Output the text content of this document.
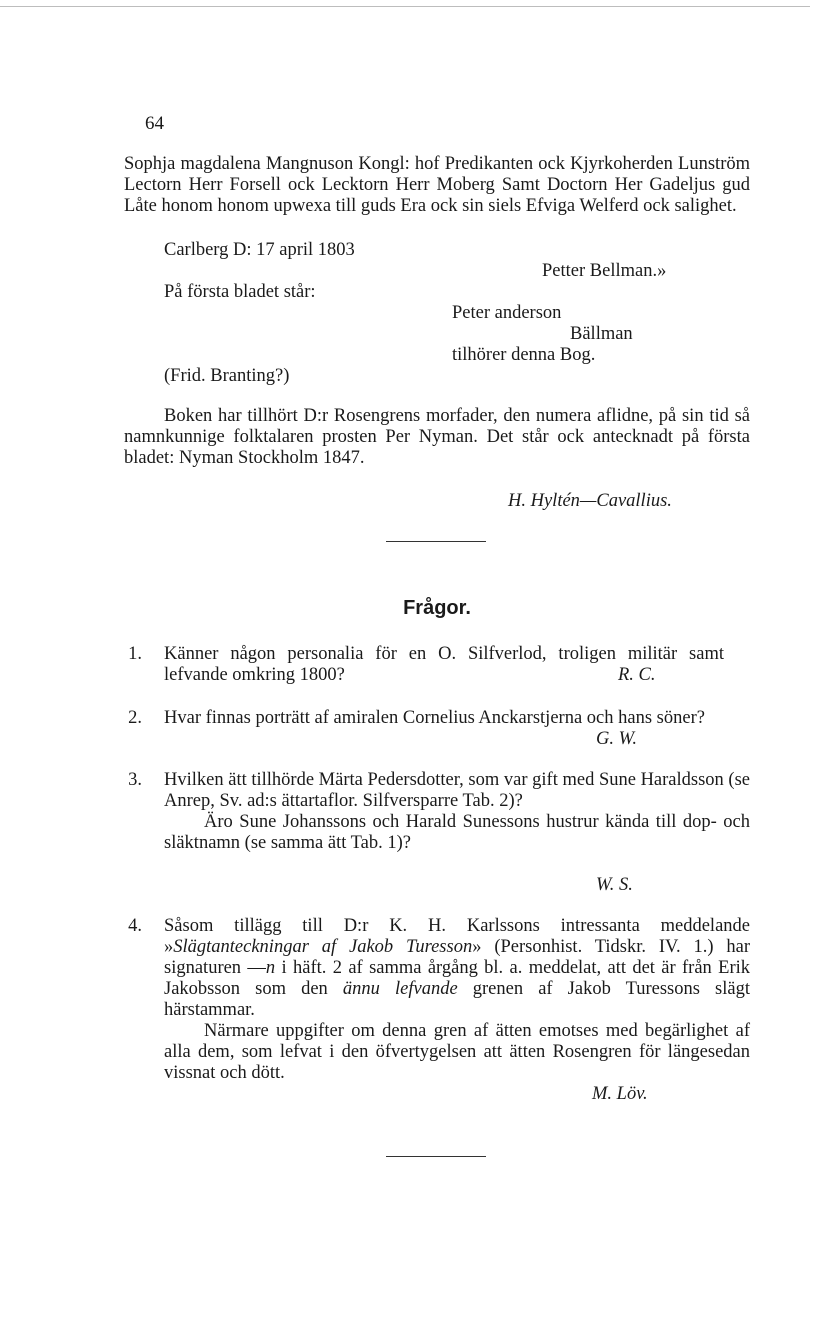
64

Sophja magdalena Mangnuson Kongl: hof Predikanten ock Kjyrkoherden Lunström Lectorn Herr Forsell ock Lecktorn Herr Moberg Samt Doctorn Her Gadeljus gud Låte honom honom upwexa till guds Era ock sin siels Efviga Welferd ock salighet.

Carlberg D: 17 april 1803
Petter Bellman.»
På första bladet står:
Peter anderson
Bällman
tilhörer denna Bog.
(Frid. Branting?)

Boken har tillhört D:r Rosengrens morfader, den numera aflidne, på sin tid så namnkunnige folktalaren prosten Per Nyman. Det står ock antecknadt på första bladet: Nyman Stockholm 1847.

H. Hyltén—Cavallius.
Frågor.
1. Känner någon personalia för en O. Silfverlod, troligen militär samt lefvande omkring 1800?	R. C.
2. Hvar finnas porträtt af amiralen Cornelius Anckarstjerna och hans söner?

G. W.
3. Hvilken ätt tillhörde Märta Pedersdotter, som var gift med Sune Haraldsson (se Anrep, Sv. ad:s ättartaflor. Silfversparre Tab. 2)?

Äro Sune Johanssons och Harald Sunessons hustrur kända till dop- och släktnamn (se samma ätt Tab. 1)?

W. S.
4. Såsom tillägg till D:r K. H. Karlssons intressanta meddelande »Slägtanteckningar af Jakob Turesson» (Personhist. Tidskr. IV. 1.) har signaturen —n i häft. 2 af samma årgång bl. a. meddelat, att det är från Erik Jakobsson som den ännu lefvande grenen af Jakob Turessons slägt härstammar.

Närmare uppgifter om denna gren af ätten emotses med begärlighet af alla dem, som lefvat i den öfvertygelsen att ätten Rosengren för längesedan vissnat och dött.

M. Löv.
